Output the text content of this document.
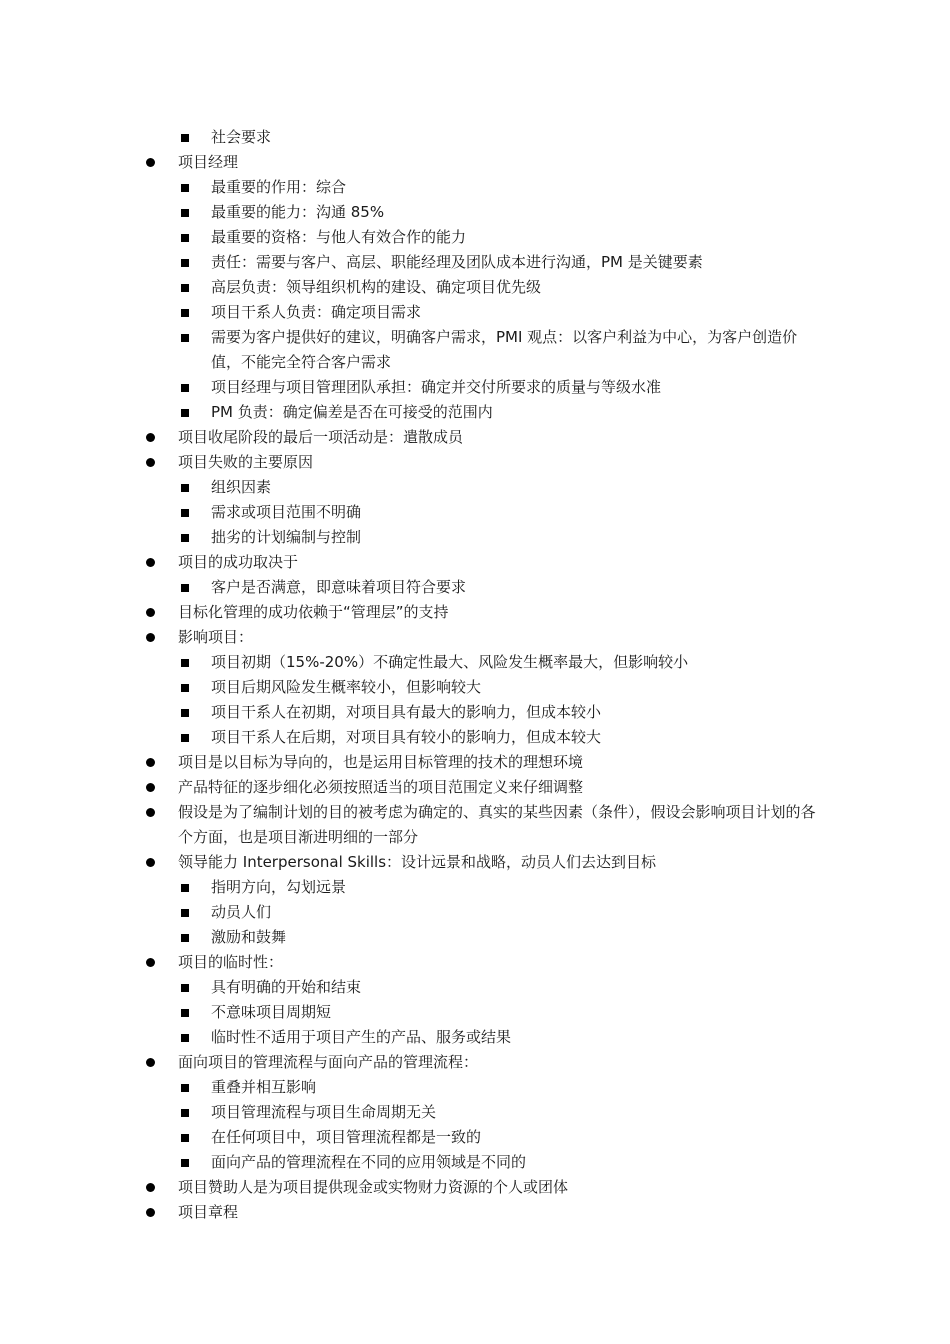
社会要求
项目经理
最重要的作用：综合
最重要的能力：沟通 85%
最重要的资格：与他人有效合作的能力
责任：需要与客户、高层、职能经理及团队成本进行沟通，PM 是关键要素
高层负责：领导组织机构的建设、确定项目优先级
项目干系人负责：确定项目需求
需要为客户提供好的建议，明确客户需求，PMI 观点：以客户利益为中心，为客户创造价值，不能完全符合客户需求
项目经理与项目管理团队承担：确定并交付所要求的质量与等级水准
PM 负责：确定偏差是否在可接受的范围内
项目收尾阶段的最后一项活动是：遣散成员
项目失败的主要原因
组织因素
需求或项目范围不明确
拙劣的计划编制与控制
项目的成功取决于
客户是否满意，即意味着项目符合要求
目标化管理的成功依赖于“管理层”的支持
影响项目：
项目初期（15%-20%）不确定性最大、风险发生概率最大，但影响较小
项目后期风险发生概率较小，但影响较大
项目干系人在初期，对项目具有最大的影响力，但成本较小
项目干系人在后期，对项目具有较小的影响力，但成本较大
项目是以目标为导向的，也是运用目标管理的技术的理想环境
产品特征的逐步细化必须按照适当的项目范围定义来仔细调整
假设是为了编制计划的目的被考虑为确定的、真实的某些因素（条件），假设会影响项目计划的各个方面，也是项目渐进明细的一部分
领导能力 Interpersonal Skills：设计远景和战略，动员人们去达到目标
指明方向，勾划远景
动员人们
激励和鼓舞
项目的临时性：
具有明确的开始和结束
不意味项目周期短
临时性不适用于项目产生的产品、服务或结果
面向项目的管理流程与面向产品的管理流程：
重叠并相互影响
项目管理流程与项目生命周期无关
在任何项目中，项目管理流程都是一致的
面向产品的管理流程在不同的应用领域是不同的
项目赞助人是为项目提供现金或实物财力资源的个人或团体
项目章程
